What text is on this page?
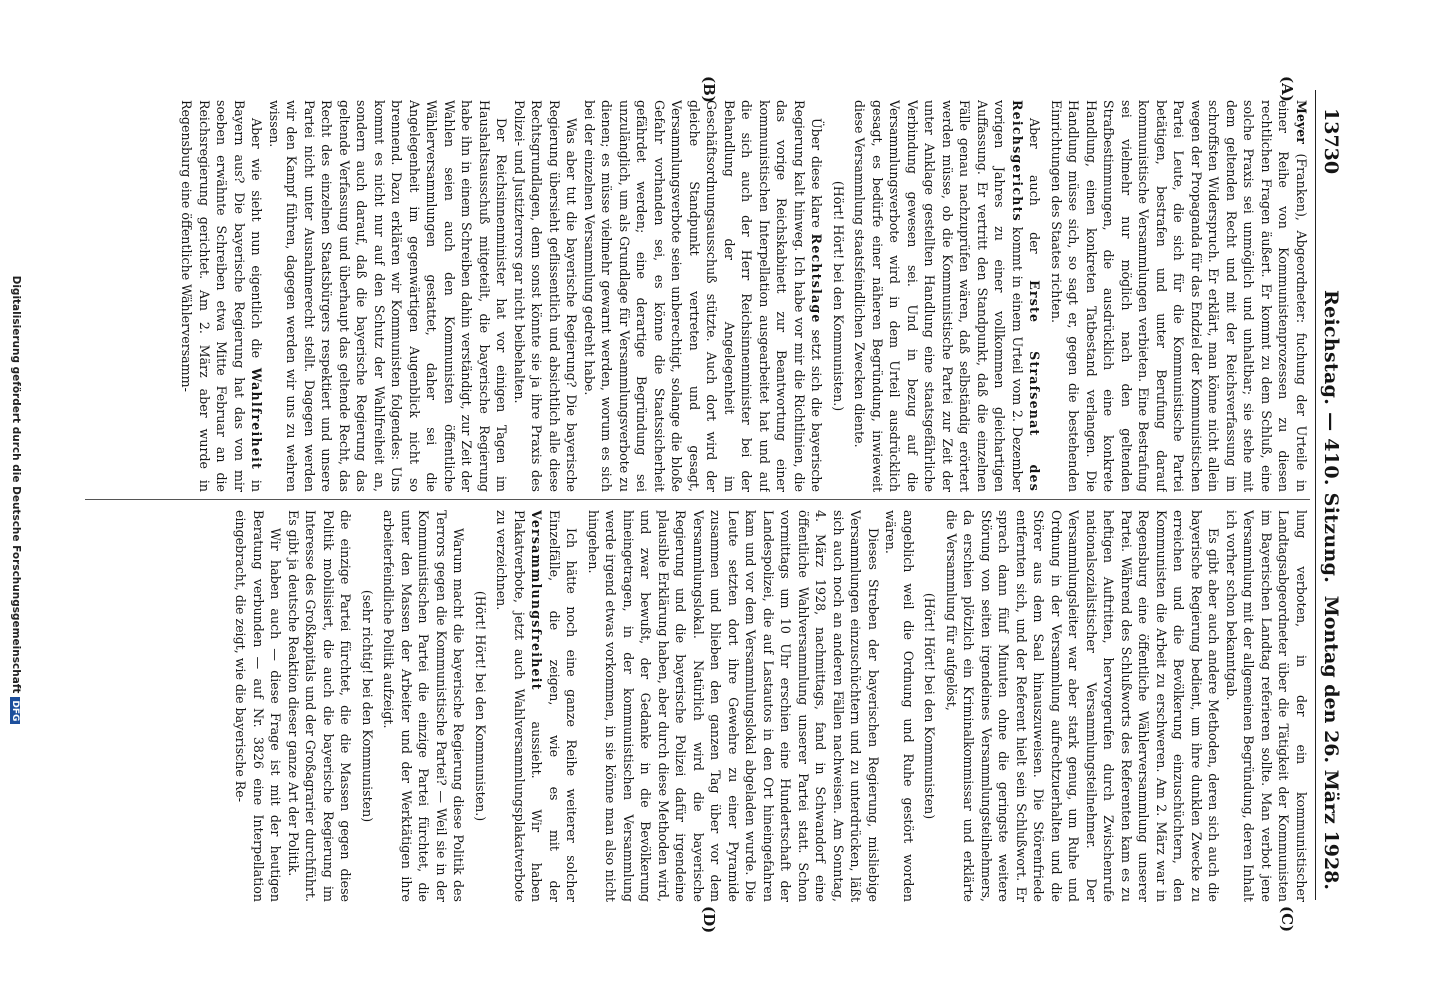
13730
Reichstag. — 410. Sitzung.
Montag den 26. März 1928.
(A)
(B)
(C)
(D)

Meyer (Franken), Abgeordneter: fuchung der Urteile in einer Reihe von Kommunistenprozessen zu diesen rechtlichen Fragen äußert. Er kommt zu dem Schluß, eine solche Praxis sei unmöglich und unhaltbar; sie stehe mit dem geltenden Recht und mit der Reichsverfassung im schroffsten Widerspruch. Er erklärt, man könne nicht allein wegen der Propaganda für das Endziel der Kommunistischen Partei Leute, die sich für die Kommunistische Partei betätigen, bestrafen und unter Berufung darauf kommunistische Versammlungen verbieten. Eine Bestrafung sei vielmehr nur möglich nach den geltenden Strafbestimmungen, die ausdrücklich eine konkrete Handlung, einen konkreten Tatbestand verlangen. Die Handlung müsse sich, so sagt er, gegen die bestehenden Einrichtungen des Staates richten.

Aber auch der Erste Strafsenat des Reichsgerichts kommt in einem Urteil vom 2. Dezember vorigen Jahres zu einer vollkommen gleichartigen Auffassung. Er vertritt den Standpunkt, daß die einzelnen Fälle genau nachzuprüfen wären, daß selbständig erörtert werden müsse, ob die Kommunistische Partei zur Zeit der unter Anklage gestellten Handlung eine staatsgefährliche Verbindung gewesen sei. Und in bezug auf die Versammlungsverbote wird in dem Urteil ausdrücklich gesagt, es bedürfe einer näheren Begründung, inwieweit diese Versammlung staatsfeindlichen Zwecken diente.

(Hört! Hört! bei den Kommunisten.)

Über diese klare Rechtslage setzt sich die bayerische Regierung kalt hinweg. Ich habe vor mir die Richtlinien, die das vorige Reichskabinett zur Beantwortung einer kommunistischen Interpellation ausgearbeitet hat und auf die sich auch der Herr Reichsinnenminister bei der Behandlung der Angelegenheit im Geschäftsordnungsausschuß stützte. Auch dort wird der gleiche Standpunkt vertreten und gesagt, Versammlungsverbote seien unberechtigt, solange die bloße Gefahr vorhanden sei, es könne die Staatssicherheit gefährdet werden; eine derartige Begründung sei unzulänglich, um als Grundlage für Versammlungsverbote zu dienen; es müsse vielmehr gewarnt werden, worum es sich bei der einzelnen Versammlung gedreht habe.

Was aber tut die bayerische Regierung? Die bayerische Regierung übersieht geflissentlich und absichtlich alle diese Rechtsgrundlagen, denn sonst könnte sie ja ihre Praxis des Polizei- und Justizterrors gar nicht beibehalten.

Der Reichsinnenminister hat vor einigen Tagen im Haushaltsausschuß mitgeteilt, die bayerische Regierung habe ihn in einem Schreiben dahin verständigt, zur Zeit der Wahlen seien auch den Kommunisten öffentliche Wählerversammlungen gestattet, daher sei die Angelegenheit im gegenwärtigen Augenblick nicht so brennend. Dazu erklären wir Kommunisten folgendes: Uns kommt es nicht nur auf den Schutz der Wahlfreiheit an, sondern auch darauf, daß die bayerische Regierung das geltende Verfassung und überhaupt das geltende Recht, das Recht des einzelnen Staatsbürgers respektiert und unsere Partei nicht unter Ausnahmerecht stellt. Dagegen werden wir den Kampf führen, dagegen werden wir uns zu wehren wissen.

Aber wie sieht nun eigentlich die Wahlfreiheit in Bayern aus? Die bayerische Regierung hat das von mir soeben erwähnte Schreiben etwa Mitte Februar an die Reichsregierung gerichtet. Am 2. März aber wurde in Regensburg eine öffentliche Wählerversamm-

lung verboten, in der ein kommunistischer Landtagsabgeordneter über die Tätigkeit der Kommunisten im Bayerischen Landtag referieren sollte. Man verbot jene Versammlung mit der allgemeinen Begründung, deren Inhalt ich vorher schon bekanntgab.

Es gibt aber auch andere Methoden, deren sich auch die bayerische Regierung bedient, um ihre dunklen Zwecke zu erreichen und die Bevölkerung einzuschüchtern, den Kommunisten die Arbeit zu erschweren. Am 2. März war in Regensburg eine öffentliche Wählerversammlung unserer Partei. Während des Schlußworts des Referenten kam es zu heftigen Auftritten, hervorgerufen durch Zwischenrufe nationalsozialistischer Versammlungsteilnehmer. Der Versammlungsleiter war aber stark genug, um Ruhe und Ordnung in der Versammlung aufrechtzuerhalten und die Störer aus dem Saal hinauszuweisen. Die Störenfriede entfernten sich, und der Referent hielt sein Schlußwort. Er sprach dann fünf Minuten ohne die geringste weitere Störung von seiten irgendeines Versammlungsteilnehmers, da erschien plötzlich ein Kriminalkommissar und erklärte die Versammlung für aufgelöst,

(Hört! Hört! bei den Kommunisten)

angeblich weil die Ordnung und Ruhe gestört worden wären.

Dieses Streben der bayerischen Regierung, misliebige Versammlungen einzuschüchtern und zu unterdrücken, läßt sich auch noch an anderen Fällen nachweisen. Am Sonntag, 4. März 1928, nachmittags, fand in Schwandorf eine öffentliche Wahlversammlung unserer Partei statt. Schon vormittags um 10 Uhr erschien eine Hundertschaft der Landespolizei, die auf Lastautos in den Ort hineingefahren kam und vor dem Versammlungslokal abgeladen wurde. Die Leute setzten dort ihre Gewehre zu einer Pyramide zusammen und blieben den ganzen Tag über vor dem Versammlungslokal. Natürlich wird die bayerische Regierung und die bayerische Polizei dafür irgendeine plausible Erklärung haben, aber durch diese Methoden wird, und zwar bewußt, der Gedanke in die Bevölkerung hineingetragen, in der kommunistischen Versammlung werde irgend etwas vorkommen, in sie könne man also nicht hingehen.

Ich hätte noch eine ganze Reihe weiterer solcher Einzelfälle, die zeigen, wie es mit der Versammlungsfreiheit aussieht. Wir haben Plakatverbote, jetzt auch Wahlversammlungsplakatverbote zu verzeichnen.

(Hört! Hört! bei den Kommunisten.)

Warum macht die bayerische Regierung diese Politik des Terrors gegen die Kommunistische Partei? — Weil sie in der Kommunistischen Partei die einzige Partei fürchtet, die unter den Massen der Arbeiter und der Werktätigen ihre arbeiterfeindliche Politik aufzeigt.

(sehr richtig! bei den Kommunisten)

die einzige Partei fürchtet, die die Massen gegen diese Politik mobilisiert, die auch die bayerische Regierung im Interesse des Großkapitals und der Großagrarier durchführt. Es gibt ja deutsche Reaktion dieser ganze Art der Politik.

Wir haben auch — diese Frage ist mit der heutigen Beratung verbunden — auf Nr. 3826 eine Interpellation eingebracht, die zeigt, wie die bayerische Re-

Digitalisierung gefördert durch die Deutsche ForschungsgemeinschaftDFG
